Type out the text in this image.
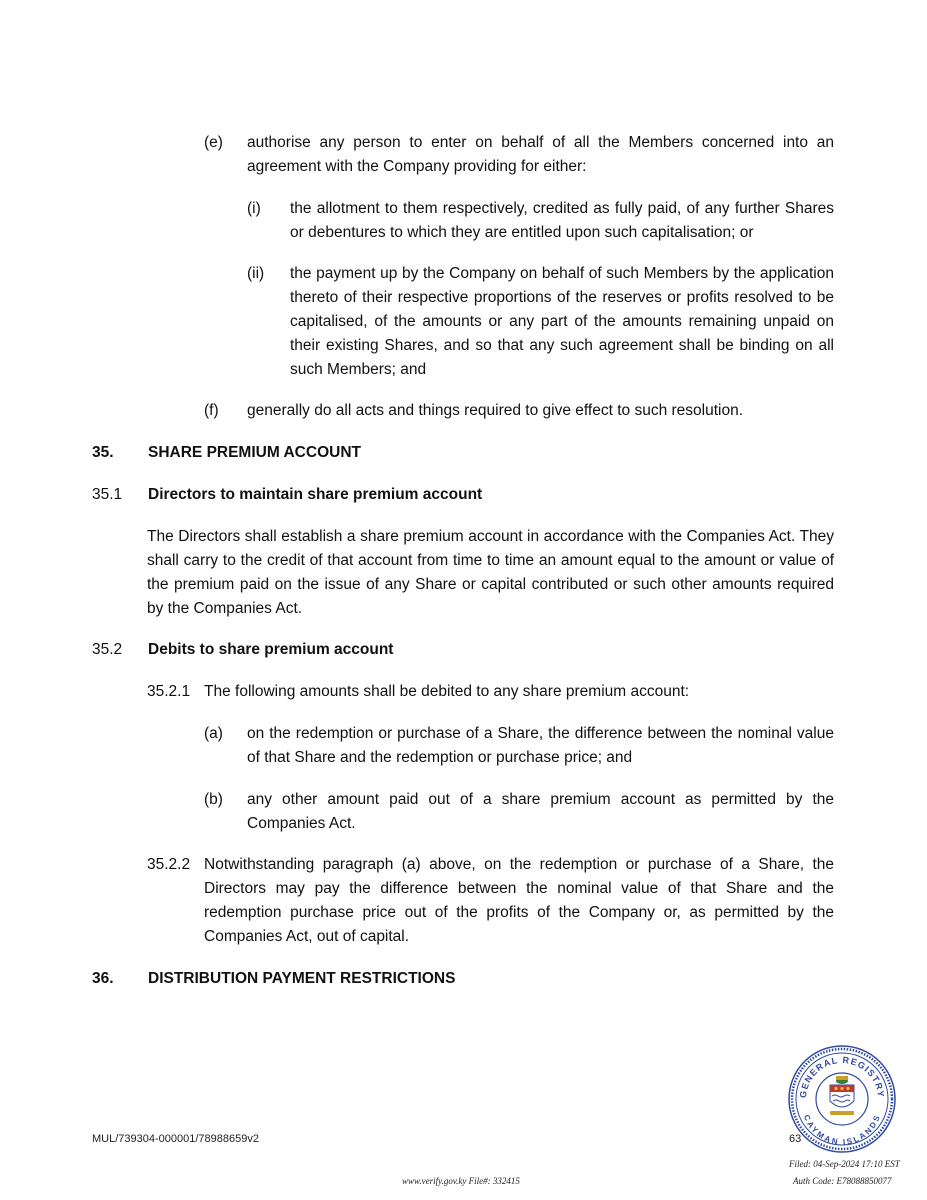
(e) authorise any person to enter on behalf of all the Members concerned into an agreement with the Company providing for either:
(i) the allotment to them respectively, credited as fully paid, of any further Shares or debentures to which they are entitled upon such capitalisation; or
(ii) the payment up by the Company on behalf of such Members by the application thereto of their respective proportions of the reserves or profits resolved to be capitalised, of the amounts or any part of the amounts remaining unpaid on their existing Shares, and so that any such agreement shall be binding on all such Members; and
(f) generally do all acts and things required to give effect to such resolution.
35. SHARE PREMIUM ACCOUNT
35.1 Directors to maintain share premium account
The Directors shall establish a share premium account in accordance with the Companies Act. They shall carry to the credit of that account from time to time an amount equal to the amount or value of the premium paid on the issue of any Share or capital contributed or such other amounts required by the Companies Act.
35.2 Debits to share premium account
35.2.1 The following amounts shall be debited to any share premium account:
(a) on the redemption or purchase of a Share, the difference between the nominal value of that Share and the redemption or purchase price; and
(b) any other amount paid out of a share premium account as permitted by the Companies Act.
35.2.2 Notwithstanding paragraph (a) above, on the redemption or purchase of a Share, the Directors may pay the difference between the nominal value of that Share and the redemption purchase price out of the profits of the Company or, as permitted by the Companies Act, out of capital.
36. DISTRIBUTION PAYMENT RESTRICTIONS
MUL/739304-000001/78988659v2	63
www.verify.gov.ky File#: 332415
Filed: 04-Sep-2024 17:10 EST
Auth Code: E78088850077
GENERAL REGISTRY
CAYMAN ISLANDS
